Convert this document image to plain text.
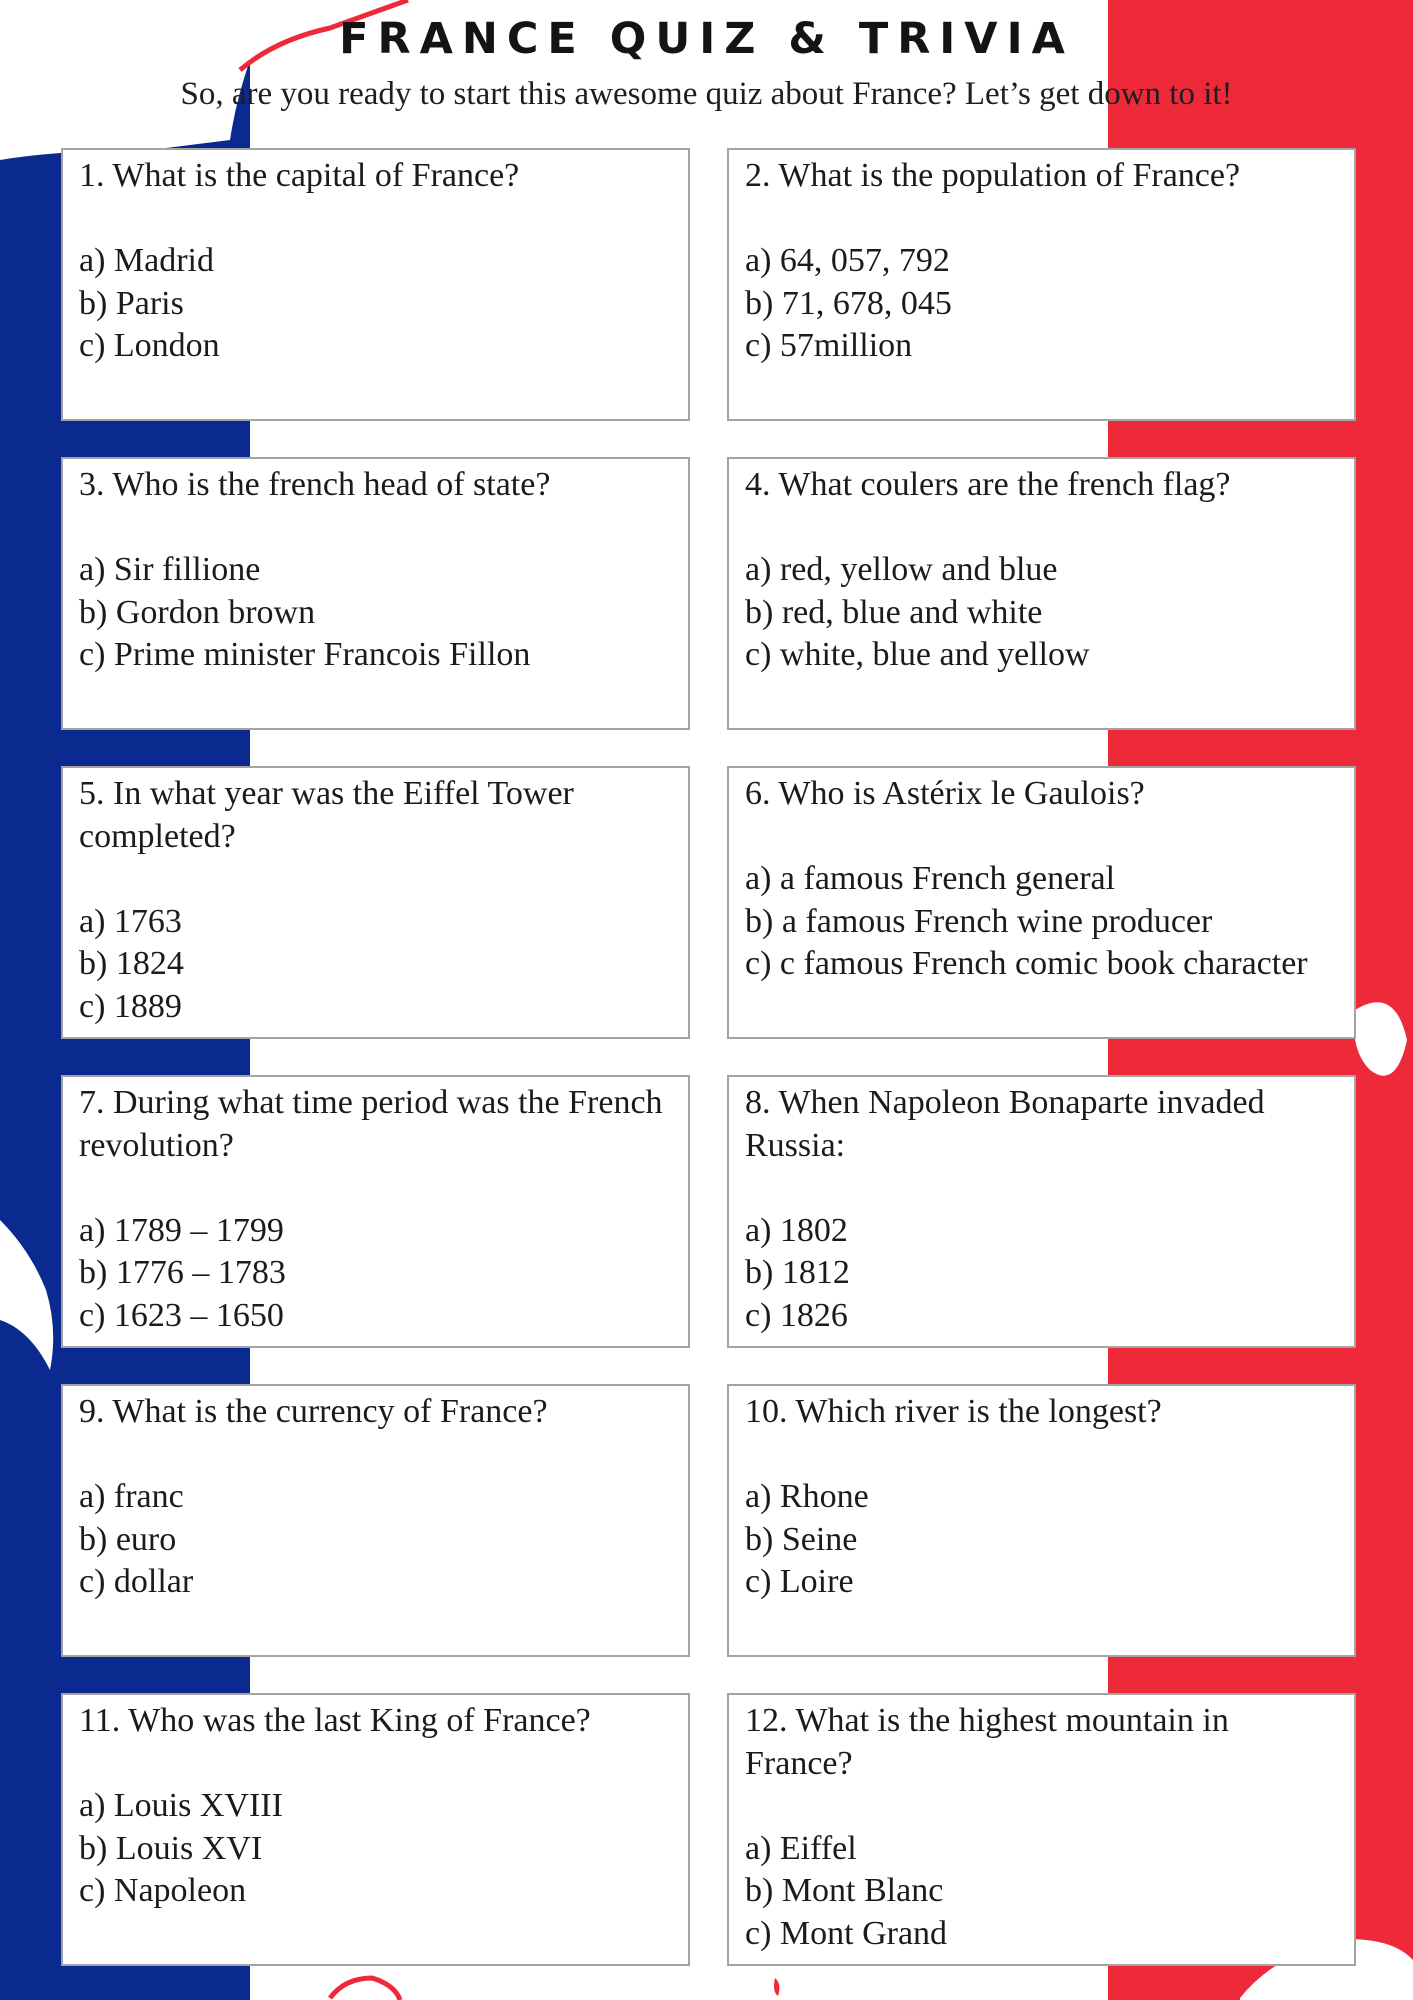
FRANCE QUIZ & TRIVIA
So, are you ready to start this awesome quiz about France? Let’s get down to it!

1. What is the capital of France?

a) Madrid

b) Paris

c) London

2. What is the population of France?

a) 64, 057, 792

b) 71, 678, 045

c) 57million

3. Who is the french head of state?

a) Sir fillione

b) Gordon brown

c) Prime minister Francois Fillon

4. What coulers are the french flag?

a) red, yellow and blue

b) red, blue and white

c) white, blue and yellow

5. In what year was the Eiffel Tower completed?

a) 1763

b) 1824

c) 1889

6. Who is Astérix le Gaulois?

a) a famous French general

b) a famous French wine producer

c) c famous French comic book character

7. During what time period was the French revolution?

a) 1789 – 1799

b) 1776 – 1783

c) 1623 – 1650

8. When Napoleon Bonaparte invaded Russia:

a) 1802

b) 1812

c) 1826

9. What is the currency of France?

a) franc

b) euro

c) dollar

10. Which river is the longest?

a) Rhone

b) Seine

c) Loire

11. Who was the last King of France?

a) Louis XVIII

b) Louis XVI

c) Napoleon

12. What is the highest mountain in France?

a) Eiffel

b) Mont Blanc

c) Mont Grand
